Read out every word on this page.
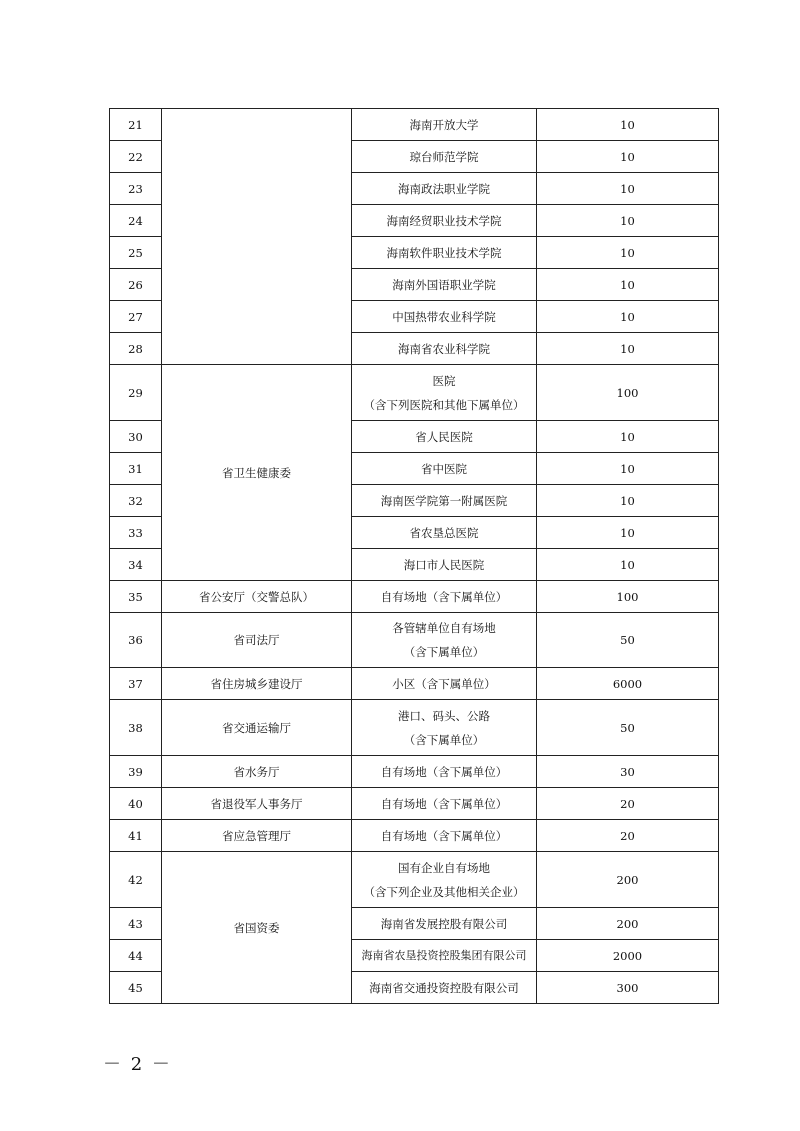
21		海南开放大学	10
22		琼台师范学院	10
23		海南政法职业学院	10
24		海南经贸职业技术学院	10
25		海南软件职业技术学院	10
26		海南外国语职业学院	10
27		中国热带农业科学院	10
28		海南省农业科学院	10
29	省卫生健康委	医院
（含下列医院和其他下属单位）	100
30		省人民医院	10
31		省中医院	10
32		海南医学院第一附属医院	10
33		省农垦总医院	10
34		海口市人民医院	10
35	省公安厅（交警总队）	自有场地（含下属单位）	100
36	省司法厅	各管辖单位自有场地
（含下属单位）	50
37	省住房城乡建设厅	小区（含下属单位）	6000
38	省交通运输厅	港口、码头、公路
（含下属单位）	50
39	省水务厅	自有场地（含下属单位）	30
40	省退役军人事务厅	自有场地（含下属单位）	20
41	省应急管理厅	自有场地（含下属单位）	20
42	省国资委	国有企业自有场地
（含下列企业及其他相关企业）	200
43		海南省发展控股有限公司	200
44		海南省农垦投资控股集团有限公司	2000
45		海南省交通投资控股有限公司	300
－ 2 －
